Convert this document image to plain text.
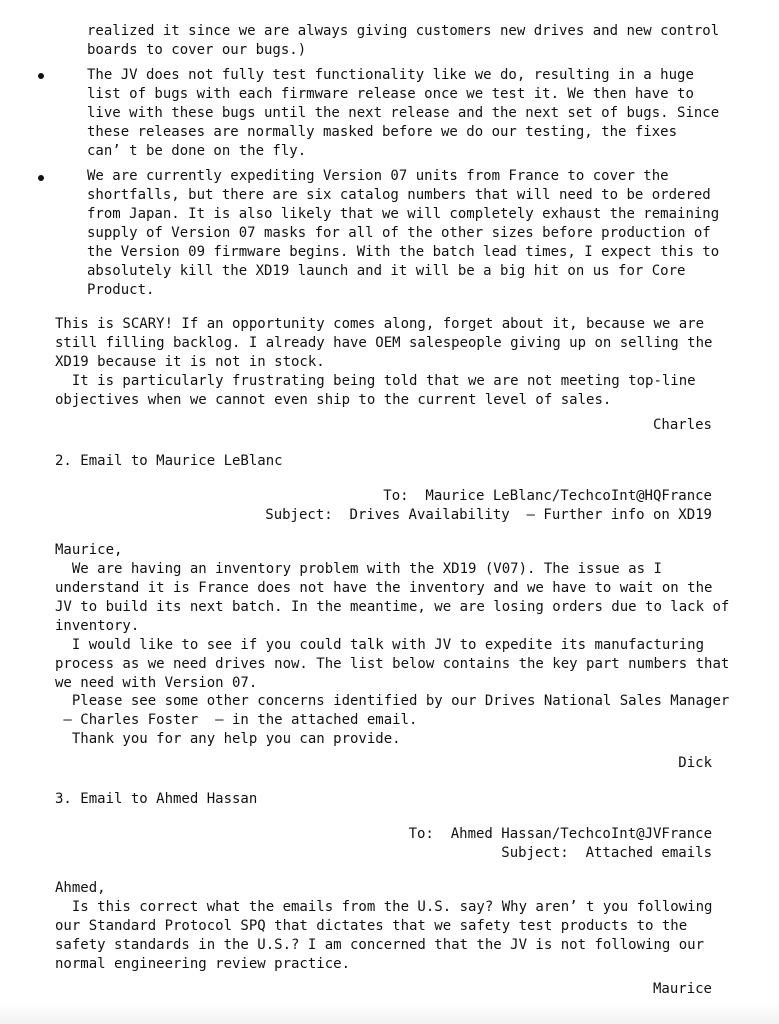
realized it since we are always giving customers new drives and new control
boards to cover our bugs.)
The JV does not fully test functionality like we do, resulting in a huge
list of bugs with each firmware release once we test it. We then have to
live with these bugs until the next release and the next set of bugs. Since
these releases are normally masked before we do our testing, the fixes
can’ t be done on the fly.
We are currently expediting Version 07 units from France to cover the
shortfalls, but there are six catalog numbers that will need to be ordered
from Japan. It is also likely that we will completely exhaust the remaining
supply of Version 07 masks for all of the other sizes before production of
the Version 09 firmware begins. With the batch lead times, I expect this to
absolutely kill the XD19 launch and it will be a big hit on us for Core
Product.
This is SCARY! If an opportunity comes along, forget about it, because we are
still filling backlog. I already have OEM salespeople giving up on selling the
XD19 because it is not in stock.
It is particularly frustrating being told that we are not meeting top-line
objectives when we cannot even ship to the current level of sales.
Charles
2. Email to Maurice LeBlanc
To:  Maurice LeBlanc/TechcoInt@HQFrance
Subject:  Drives Availability  – Further info on XD19
Maurice,
We are having an inventory problem with the XD19 (V07). The issue as I
understand it is France does not have the inventory and we have to wait on the
JV to build its next batch. In the meantime, we are losing orders due to lack of
inventory.
I would like to see if you could talk with JV to expedite its manufacturing
process as we need drives now. The list below contains the key part numbers that
we need with Version 07.
Please see some other concerns identified by our Drives National Sales Manager
– Charles Foster  – in the attached email.
Thank you for any help you can provide.
Dick
3. Email to Ahmed Hassan
To:  Ahmed Hassan/TechcoInt@JVFrance
Subject:  Attached emails
Ahmed,
Is this correct what the emails from the U.S. say? Why aren’ t you following
our Standard Protocol SPQ that dictates that we safety test products to the
safety standards in the U.S.? I am concerned that the JV is not following our
normal engineering review practice.
Maurice
